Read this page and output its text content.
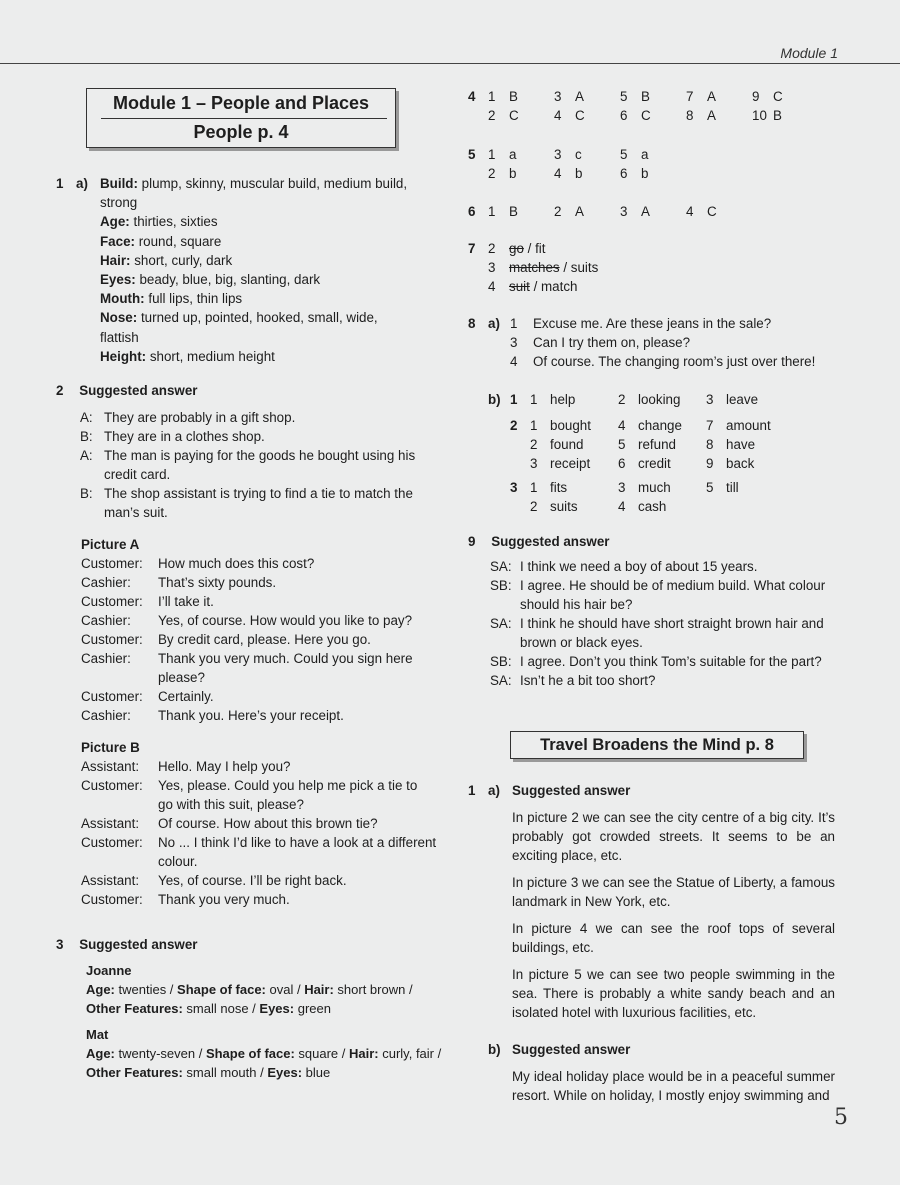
Module 1
5
Module 1 – People and Places
People p. 4
1 a) Build: plump, skinny, muscular build, medium build,
strong
Age: thirties, sixties
Face: round, square
Hair: short, curly, dark
Eyes: beady, blue, big, slanting, dark
Mouth: full lips, thin lips
Nose: turned up, pointed, hooked, small, wide,
flattish
Height: short, medium height
2 Suggested answer
A: They are probably in a gift shop.
B: They are in a clothes shop.
A: The man is paying for the goods he bought using his
credit card.
B: The shop assistant is trying to find a tie to match the
man’s suit.
Picture A
Customer:	How much does this cost?
Cashier:	That’s sixty pounds.
Customer:	I’ll take it.
Cashier:	Yes, of course. How would you like to pay?
Customer:	By credit card, please. Here you go.
Cashier:	Thank you very much. Could you sign here
please?
Customer:	Certainly.
Cashier:	Thank you. Here’s your receipt.
Picture B
Assistant:	Hello. May I help you?
Customer:	Yes, please. Could you help me pick a tie to
go with this suit, please?
Assistant:	Of course. How about this brown tie?
Customer:	No ... I think I’d like to have a look at a different
colour.
Assistant:	Yes, of course. I’ll be right back.
Customer:	Thank you very much.
3 Suggested answer
Joanne
Age: twenties / Shape of face: oval / Hair: short brown /
Other Features: small nose / Eyes: green
Mat
Age: twenty-seven / Shape of face: square / Hair: curly, fair /
Other Features: small mouth / Eyes: blue
4 1	B	3	A	5	B	7	A	9	C
2	C	4	C	6	C	8	A	10 B
5 1	a	3	c	5	a
2	b	4	b	6	b
6 1	B	2	A	3	A	4	C
7 2 go / fit
3 matches / suits
4 suit / match
8 a) 1 Excuse me. Are these jeans in the sale?
3 Can I try them on, please?
4 Of course. The changing room’s just over there!
b) 1 1 help	2 looking	3 leave
2 1 bought	4 change	7 amount
2 found	5 refund	8 have
3 receipt	6 credit	9 back
3 1 fits	3 much	5 till
2 suits	4 cash
9 Suggested answer
SA: I think we need a boy of about 15 years.
SB: I agree. He should be of medium build. What colour
should his hair be?
SA: I think he should have short straight brown hair and
brown or black eyes.
SB: I agree. Don’t you think Tom’s suitable for the part?
SA: Isn’t he a bit too short?
Travel Broadens the Mind p. 8
1 a) Suggested answer
In picture 2 we can see the city centre of a big city. It’s probably got crowded streets. It seems to be an exciting place, etc.
In picture 3 we can see the Statue of Liberty, a famous landmark in New York, etc.
In picture 4 we can see the roof tops of several buildings, etc.
In picture 5 we can see two people swimming in the sea. There is probably a white sandy beach and an isolated hotel with luxurious facilities, etc.
b) Suggested answer
My ideal holiday place would be in a peaceful summer resort. While on holiday, I mostly enjoy swimming and
